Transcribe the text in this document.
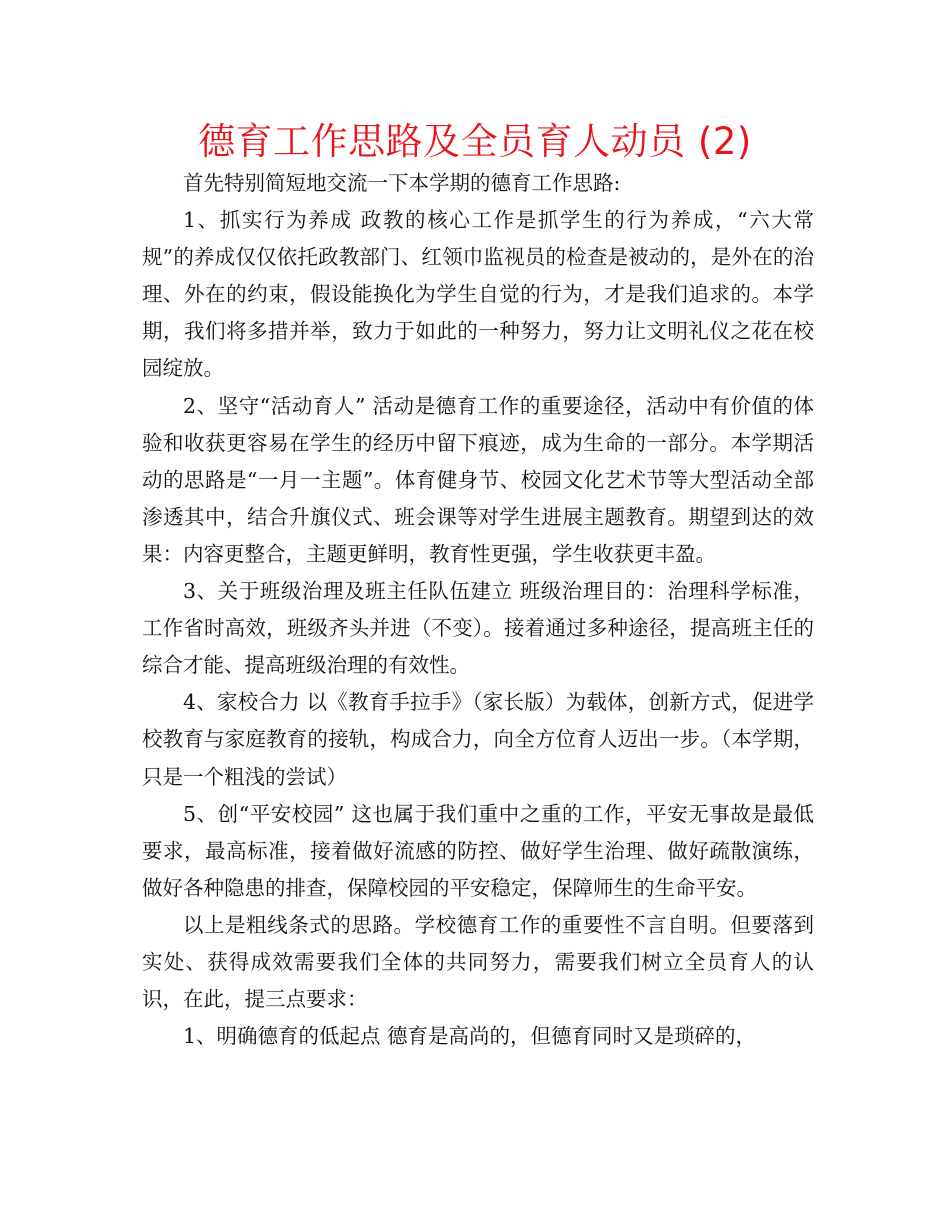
德育工作思路及全员育人动员 (2)

首先特别简短地交流一下本学期的德育工作思路:

1、抓实行为养成 政教的核心工作是抓学生的行为养成，“六大常规”的养成仅仅依托政教部门、红领巾监视员的检查是被动的，是外在的治理、外在的约束，假设能换化为学生自觉的行为，才是我们追求的。本学期，我们将多措并举，致力于如此的一种努力，努力让文明礼仪之花在校园绽放。

2、坚守“活动育人” 活动是德育工作的重要途径，活动中有价值的体验和收获更容易在学生的经历中留下痕迹，成为生命的一部分。本学期活动的思路是“一月一主题”。体育健身节、校园文化艺术节等大型活动全部渗透其中，结合升旗仪式、班会课等对学生进展主题教育。期望到达的效果：内容更整合，主题更鲜明，教育性更强，学生收获更丰盈。

3、关于班级治理及班主任队伍建立 班级治理目的：治理科学标准，工作省时高效，班级齐头并进（不变）。接着通过多种途径，提高班主任的综合才能、提高班级治理的有效性。

4、家校合力 以《教育手拉手》（家长版）为载体，创新方式，促进学校教育与家庭教育的接轨，构成合力，向全方位育人迈出一步。（本学期，只是一个粗浅的尝试）

5、创“平安校园” 这也属于我们重中之重的工作，平安无事故是最低要求，最高标准，接着做好流感的防控、做好学生治理、做好疏散演练，做好各种隐患的排查，保障校园的平安稳定，保障师生的生命平安。

以上是粗线条式的思路。学校德育工作的重要性不言自明。但要落到实处、获得成效需要我们全体的共同努力，需要我们树立全员育人的认识，在此，提三点要求：

1、明确德育的低起点 德育是高尚的，但德育同时又是琐碎的，
